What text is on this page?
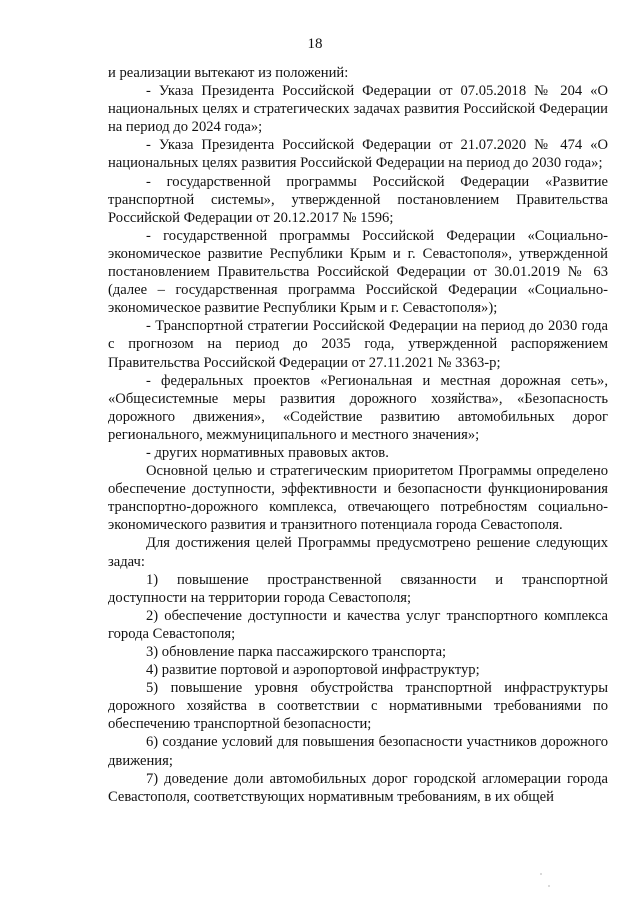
18

и реализации вытекают из положений:

- Указа Президента Российской Федерации от 07.05.2018 № 204 «О национальных целях и стратегических задачах развития Российской Федерации на период до 2024 года»;

- Указа Президента Российской Федерации от 21.07.2020 № 474 «О национальных целях развития Российской Федерации на период до 2030 года»;

- государственной программы Российской Федерации «Развитие транспортной системы», утвержденной постановлением Правительства Российской Федерации от 20.12.2017 № 1596;

- государственной программы Российской Федерации «Социально-экономическое развитие Республики Крым и г. Севастополя», утвержденной постановлением Правительства Российской Федерации от 30.01.2019 № 63 (далее – государственная программа Российской Федерации «Социально-экономическое развитие Республики Крым и г. Севастополя»);

- Транспортной стратегии Российской Федерации на период до 2030 года с прогнозом на период до 2035 года, утвержденной распоряжением Правительства Российской Федерации от 27.11.2021 № 3363-р;

- федеральных проектов «Региональная и местная дорожная сеть», «Общесистемные меры развития дорожного хозяйства», «Безопасность дорожного движения», «Содействие развитию автомобильных дорог регионального, межмуниципального и местного значения»;

- других нормативных правовых актов.

Основной целью и стратегическим приоритетом Программы определено обеспечение доступности, эффективности и безопасности функционирования транспортно-дорожного комплекса, отвечающего потребностям социально-экономического развития и транзитного потенциала города Севастополя.

Для достижения целей Программы предусмотрено решение следующих задач:

1) повышение пространственной связанности и транспортной доступности на территории города Севастополя;

2) обеспечение доступности и качества услуг транспортного комплекса города Севастополя;

3) обновление парка пассажирского транспорта;

4) развитие портовой и аэропортовой инфраструктур;

5) повышение уровня обустройства транспортной инфраструктуры дорожного хозяйства в соответствии с нормативными требованиями по обеспечению транспортной безопасности;

6) создание условий для повышения безопасности участников дорожного движения;

7) доведение доли автомобильных дорог городской агломерации города Севастополя, соответствующих нормативным требованиям, в их общей
